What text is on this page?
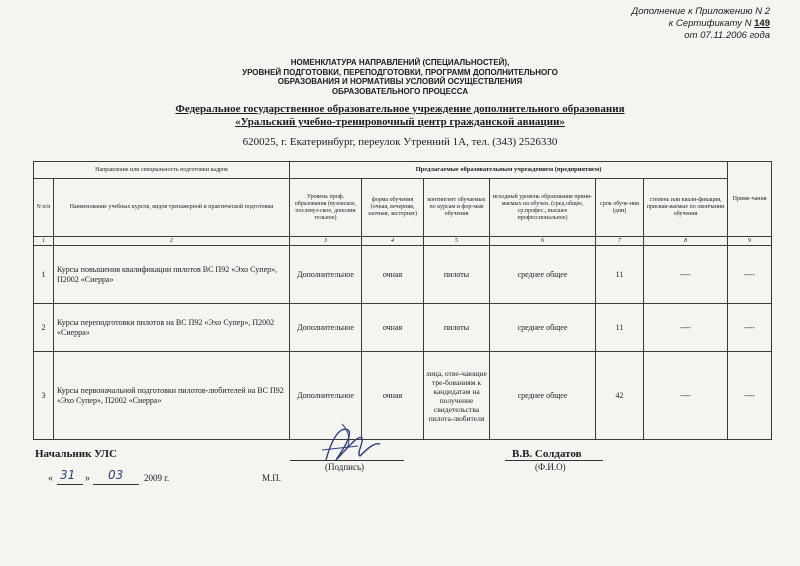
Дополнение к Приложению N 2
к Сертификату N 149
от 07.11.2006 года
НОМЕНКЛАТУРА НАПРАВЛЕНИЙ (СПЕЦИАЛЬНОСТЕЙ),
УРОВНЕЙ ПОДГОТОВКИ, ПЕРЕПОДГОТОВКИ, ПРОГРАММ ДОПОЛНИТЕЛЬНОГО
ОБРАЗОВАНИЯ И НОРМАТИВЫ УСЛОВИЙ ОСУЩЕСТВЛЕНИЯ
ОБРАЗОВАТЕЛЬНОГО ПРОЦЕССА
Федеральное государственное образовательное учреждение дополнительного образования
«Уральский учебно-тренировочный центр гражданской авиации»
620025, г. Екатеринбург, переулок Утренний 1А, тел. (343) 2526330
Направление или специальность подготовки кадров		Предлагаемые образовательным учреждением (предприятием)						Приме-чания
N п/п	Наименование учебных курсов, видов тренажерной и практической подготовки	Уровень проф. образования (вузовское, послевуз-ское, дополни тельное)	форма обучения (очная, вечерняя, заочная, экстернат)	контингент обучаемых по курсам и фор-мам обучения	исходный уровень образования прини-маемых на обучен. (сред.общее, ср.профес., высшее профессиональное)	срок обуче-ния (дни)	степень или квали-фикация, присваи-ваемые по окончании обучения	
1	2	3	4	5	6	7	8	9
1	Курсы повышения квалификации пилотов ВС П92 «Эхо Супер», П2002 «Сиерра»	Дополнительное	очная	пилоты	среднее общее	11	----	----
2	Курсы переподготовки пилотов на ВС П92 «Эхо Супер», П2002 «Сиерра»	Дополнительное	очная	пилоты	среднее общее	11	----	----
3	Курсы первоначальной подготовки пилотов-любителей на ВС П92 «Эхо Супер», П2002 «Сиерра»	Дополнительное	очная	лица, отве-чающие тре-бованиям к кандидатам на получение свидетельства пилота-любителя	среднее общее	42	----	----
Начальник УЛС	В.В. Солдатов
(Подпись)	(Ф.И.О)
« 31 » 03 2009 г.	М.П.
